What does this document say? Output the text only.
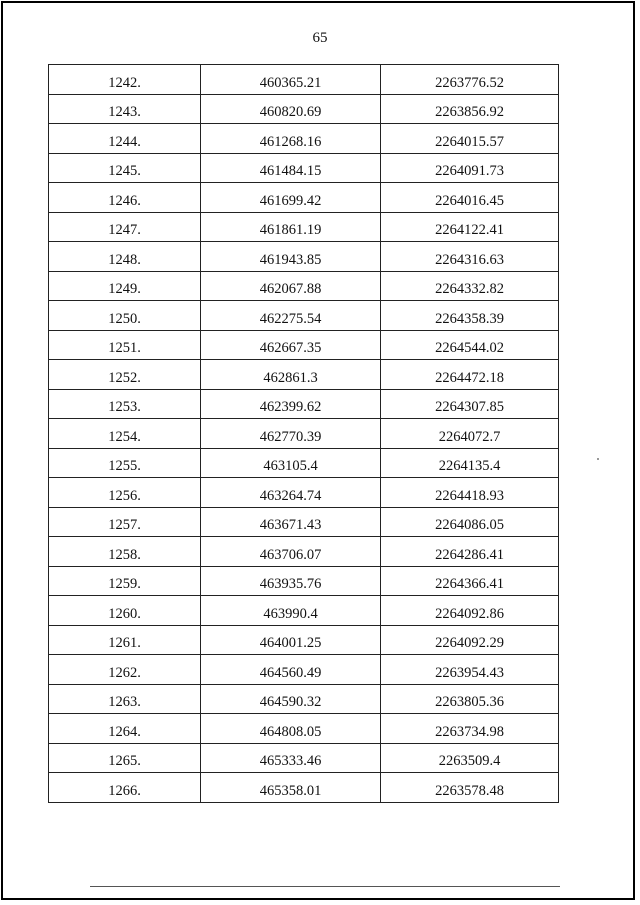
65
1242.	460365.21	2263776.52
1243.	460820.69	2263856.92
1244.	461268.16	2264015.57
1245.	461484.15	2264091.73
1246.	461699.42	2264016.45
1247.	461861.19	2264122.41
1248.	461943.85	2264316.63
1249.	462067.88	2264332.82
1250.	462275.54	2264358.39
1251.	462667.35	2264544.02
1252.	462861.3	2264472.18
1253.	462399.62	2264307.85
1254.	462770.39	2264072.7
1255.	463105.4	2264135.4
1256.	463264.74	2264418.93
1257.	463671.43	2264086.05
1258.	463706.07	2264286.41
1259.	463935.76	2264366.41
1260.	463990.4	2264092.86
1261.	464001.25	2264092.29
1262.	464560.49	2263954.43
1263.	464590.32	2263805.36
1264.	464808.05	2263734.98
1265.	465333.46	2263509.4
1266.	465358.01	2263578.48
